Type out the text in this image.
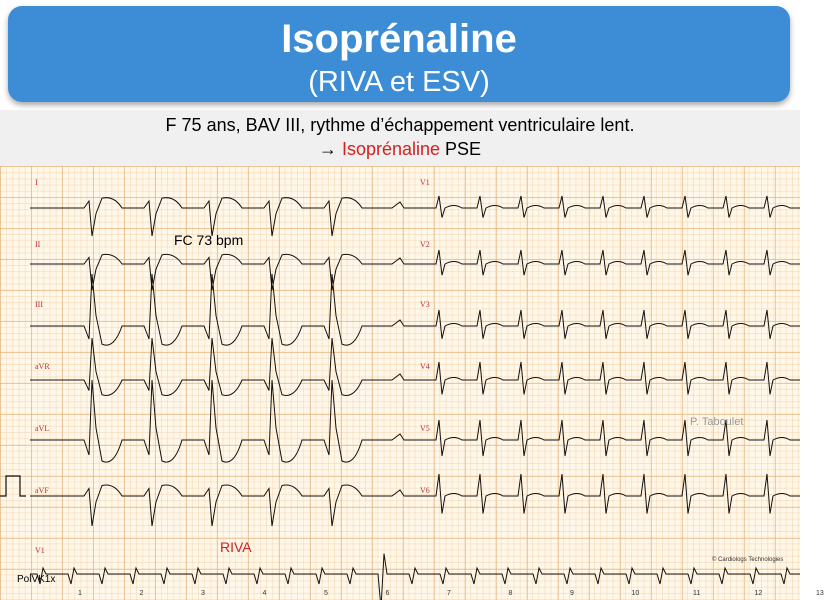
Isoprénaline
(RIVA et ESV)
F 75 ans, BAV III, rythme d’échappement ventriculaire lent.
→ Isoprénaline PSE
I
II
III
aVR
aVL
aVF
V1
V1
V2
V3
V4
V5
V6
FC 73 bpm
RIVA
P. Taboulet
© Cardiologs Technologies
PolVK1x
1	2	3	4	5	6	7	8	9	10	11	12	13
